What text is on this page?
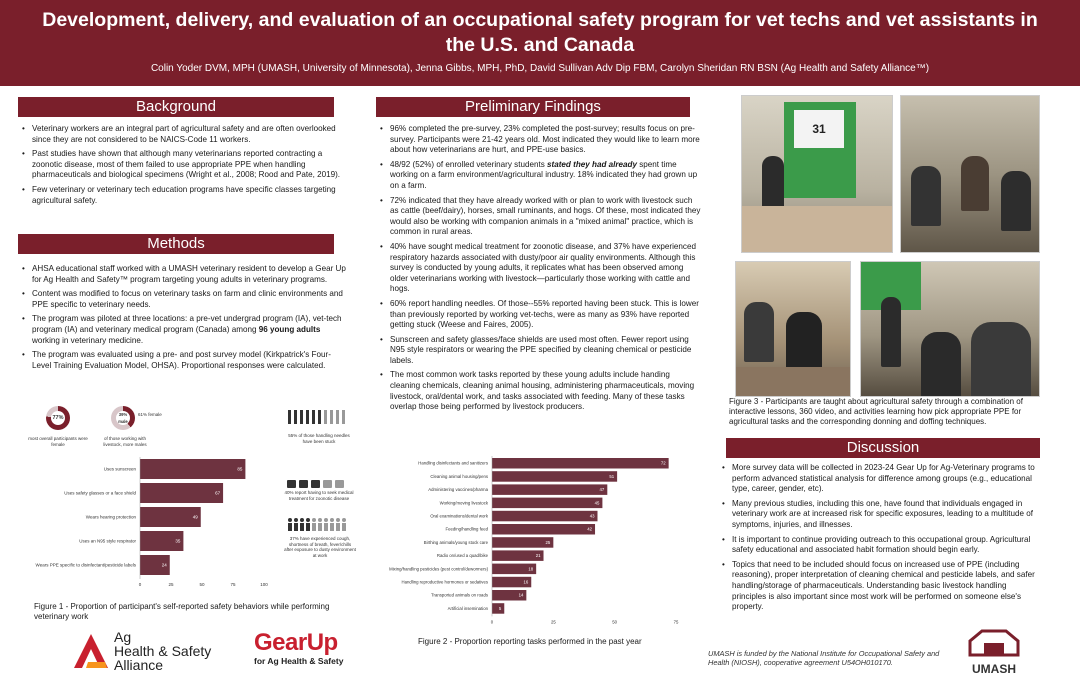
Development, delivery, and evaluation of an occupational safety program for vet techs and vet assistants in the U.S. and Canada
Colin Yoder DVM, MPH (UMASH, University of Minnesota), Jenna Gibbs, MPH, PhD, David Sullivan Adv Dip FBM, Carolyn Sheridan RN BSN (Ag Health and Safety Alliance™)
Background
• Veterinary workers are an integral part of agricultural safety and are often overlooked since they are not considered to be NAICS-Code 11 workers.
• Past studies have shown that although many veterinarians reported contracting a zoonotic disease, most of them failed to use appropriate PPE when handling pharmaceuticals and biological specimens (Wright et al., 2008; Rood and Pate, 2019).
• Few veterinary or veterinary tech education programs have specific classes targeting agricultural safety.
Methods
• AHSA educational staff worked with a UMASH veterinary resident to develop a Gear Up for Ag Health and Safety™ program targeting young adults in veterinary programs.
• Content was modified to focus on veterinary tasks on farm and clinic environments and PPE specific to veterinary needs.
• The program was piloted at three locations: a pre-vet undergrad program (IA), vet-tech program (IA) and veterinary medical program (Canada) among 96 young adults working in veterinary medicine.
• The program was evaluated using a pre- and post survey model (Kirkpatrick's Four-Level Training Evaluation Model, OHSA). Proportional responses were calculated.
77%
most overall participants were female
39% male
61% female
of those working with livestock, more males
55% of those handling needles have been stuck
40% report having to seek medical treatment for zoonotic disease
37% have experienced cough, shortness of breath, fever/chills after exposure to dusty environment at work
Uses sunscreen	85
Uses safety glasses or a face shield	67
Wears hearing protection	49
Uses an N95 style respirator	35
Wears PPE specific to disinfectant/pesticide labels	24
0	25	50	75	100
Figure 1 - Proportion of participant's self-reported safety behaviors while performing veterinary work
Preliminary Findings
• 96% completed the pre-survey, 23% completed the post-survey; results focus on pre-survey. Participants were 21-42 years old. Most indicated they would like to learn more about how veterinarians are hurt, and PPE-use basics.
• 48/92 (52%) of enrolled veterinary students stated they had already spent time working on a farm environment/agricultural industry. 18% indicated they had grown up on a farm.
• 72% indicated that they have already worked with or plan to work with livestock such as cattle (beef/dairy), horses, small ruminants, and hogs. Of these, most indicated they would also be working with companion animals in a "mixed animal" practice, which is common in rural areas.
• 40% have sought medical treatment for zoonotic disease, and 37% have experienced respiratory hazards associated with dusty/poor air quality environments. Although this survey is conducted by young adults, it replicates what has been observed among older veterinarians working with livestock—particularly those working with cattle and hogs.
• 60% report handling needles. Of those--55% reported having been stuck. This is lower than previously reported by working vet-techs, were as many as 93% have reported getting stuck (Weese and Faires, 2005).
• Sunscreen and safety glasses/face shields are used most often. Fewer report using N95 style respirators or wearing the PPE specified by cleaning chemical or pesticide labels.
• The most common work tasks reported by these young adults include handing cleaning chemicals, cleaning animal housing, administering pharmaceuticals, moving livestock, oral/dental work, and tasks associated with feeding. Many of these tasks overlap those being performed by livestock producers.
Handling disinfectants and sanitizers	72
Cleaning animal housing/pens	51
Administering vaccines/pharma	47
Working/moving livestock	45
Oral examinations/dental work	43
Feeding/handling feed	42
Birthing animals/young stock care	25
Radio on/used a quad/bike	21
Mixing/handling pesticides (pest control/dewormers)	18
Handling reproductive hormones or sedatives	16
Transported animals on roads	14
Artificial insemination	5
0	25	50	75
Figure 2 - Proportion reporting tasks performed in the past year
31
Figure 3 - Participants are taught about agricultural safety through a combination of interactive lessons, 360 video, and activities learning how pick appropriate PPE for agricultural tasks and the corresponding donning and doffing techniques.
Discussion
• More survey data will be collected in 2023-24 Gear Up for Ag-Veterinary programs to perform advanced statistical analysis for difference among groups (e.g., educational type, career, gender, etc).
• Many previous studies, including this one, have found that individuals engaged in veterinary work are at increased risk for specific exposures, leading to a multitude of symptoms, injuries, and illnesses.
• It is important to continue providing outreach to this occupational group. Agricultural safety educational and associated habit formation should begin early.
• Topics that need to be included should focus on increased use of PPE (including reasoning), proper interpretation of cleaning chemical and pesticide labels, and safer handling/storage of pharmaceuticals. Understanding basic livestock handling principles is also important since most work will be performed on someone else's property.
UMASH is funded by the National Institute for Occupational Safety and Health (NIOSH), cooperative agreement U54OH010170.
Ag
Health & Safety
Alliance
GearUp
for Ag Health & Safety
UMASH
